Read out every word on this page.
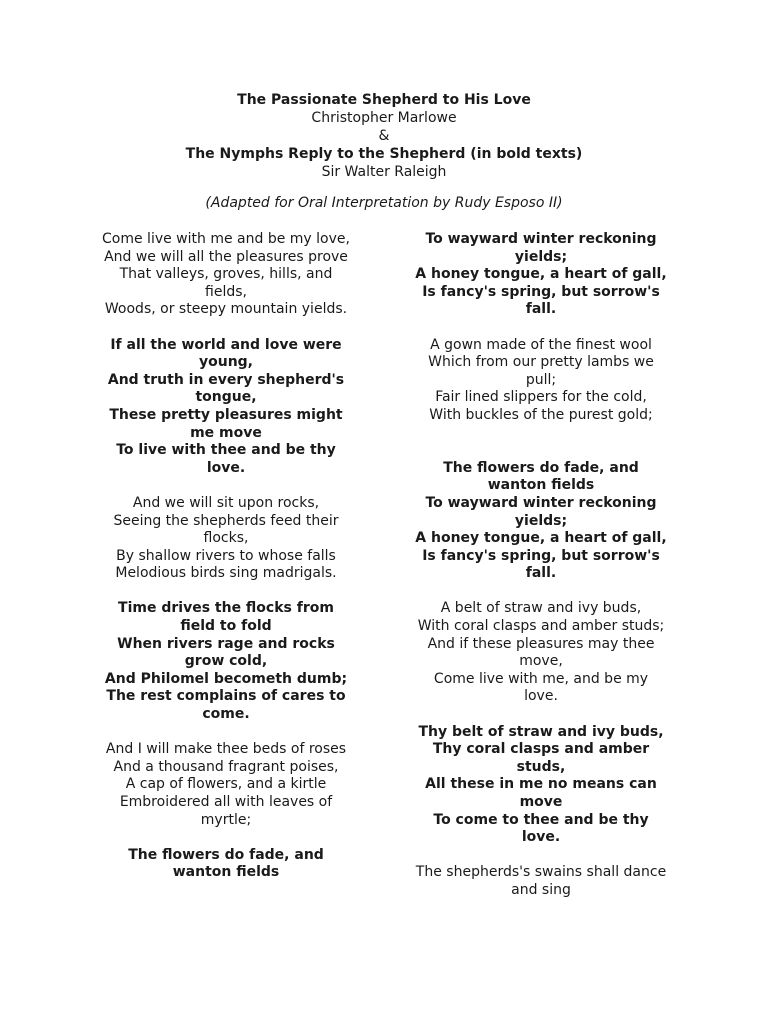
The Passionate Shepherd to His Love
Christopher Marlowe
&
The Nymphs Reply to the Shepherd (in bold texts)
Sir Walter Raleigh
(Adapted for Oral Interpretation by Rudy Esposo II)
Come live with me and be my love,
And we will all the pleasures prove
That valleys, groves, hills, and
fields,
Woods, or steepy mountain yields.
If all the world and love were
young,
And truth in every shepherd's
tongue,
These pretty pleasures might
me move
To live with thee and be thy
love.
And we will sit upon rocks,
Seeing the shepherds feed their
flocks,
By shallow rivers to whose falls
Melodious birds sing madrigals.
Time drives the flocks from
field to fold
When rivers rage and rocks
grow cold,
And Philomel becometh dumb;
The rest complains of cares to
come.
And I will make thee beds of roses
And a thousand fragrant poises,
A cap of flowers, and a kirtle
Embroidered all with leaves of
myrtle;
The flowers do fade, and
wanton fields
To wayward winter reckoning
yields;
A honey tongue, a heart of gall,
Is fancy's spring, but sorrow's
fall.
A gown made of the finest wool
Which from our pretty lambs we
pull;
Fair lined slippers for the cold,
With buckles of the purest gold;

The flowers do fade, and
wanton fields
To wayward winter reckoning
yields;
A honey tongue, a heart of gall,
Is fancy's spring, but sorrow's
fall.
A belt of straw and ivy buds,
With coral clasps and amber studs;
And if these pleasures may thee
move,
Come live with me, and be my
love.
Thy belt of straw and ivy buds,
Thy coral clasps and amber
studs,
All these in me no means can
move
To come to thee and be thy
love.
The shepherds's swains shall dance
and sing
